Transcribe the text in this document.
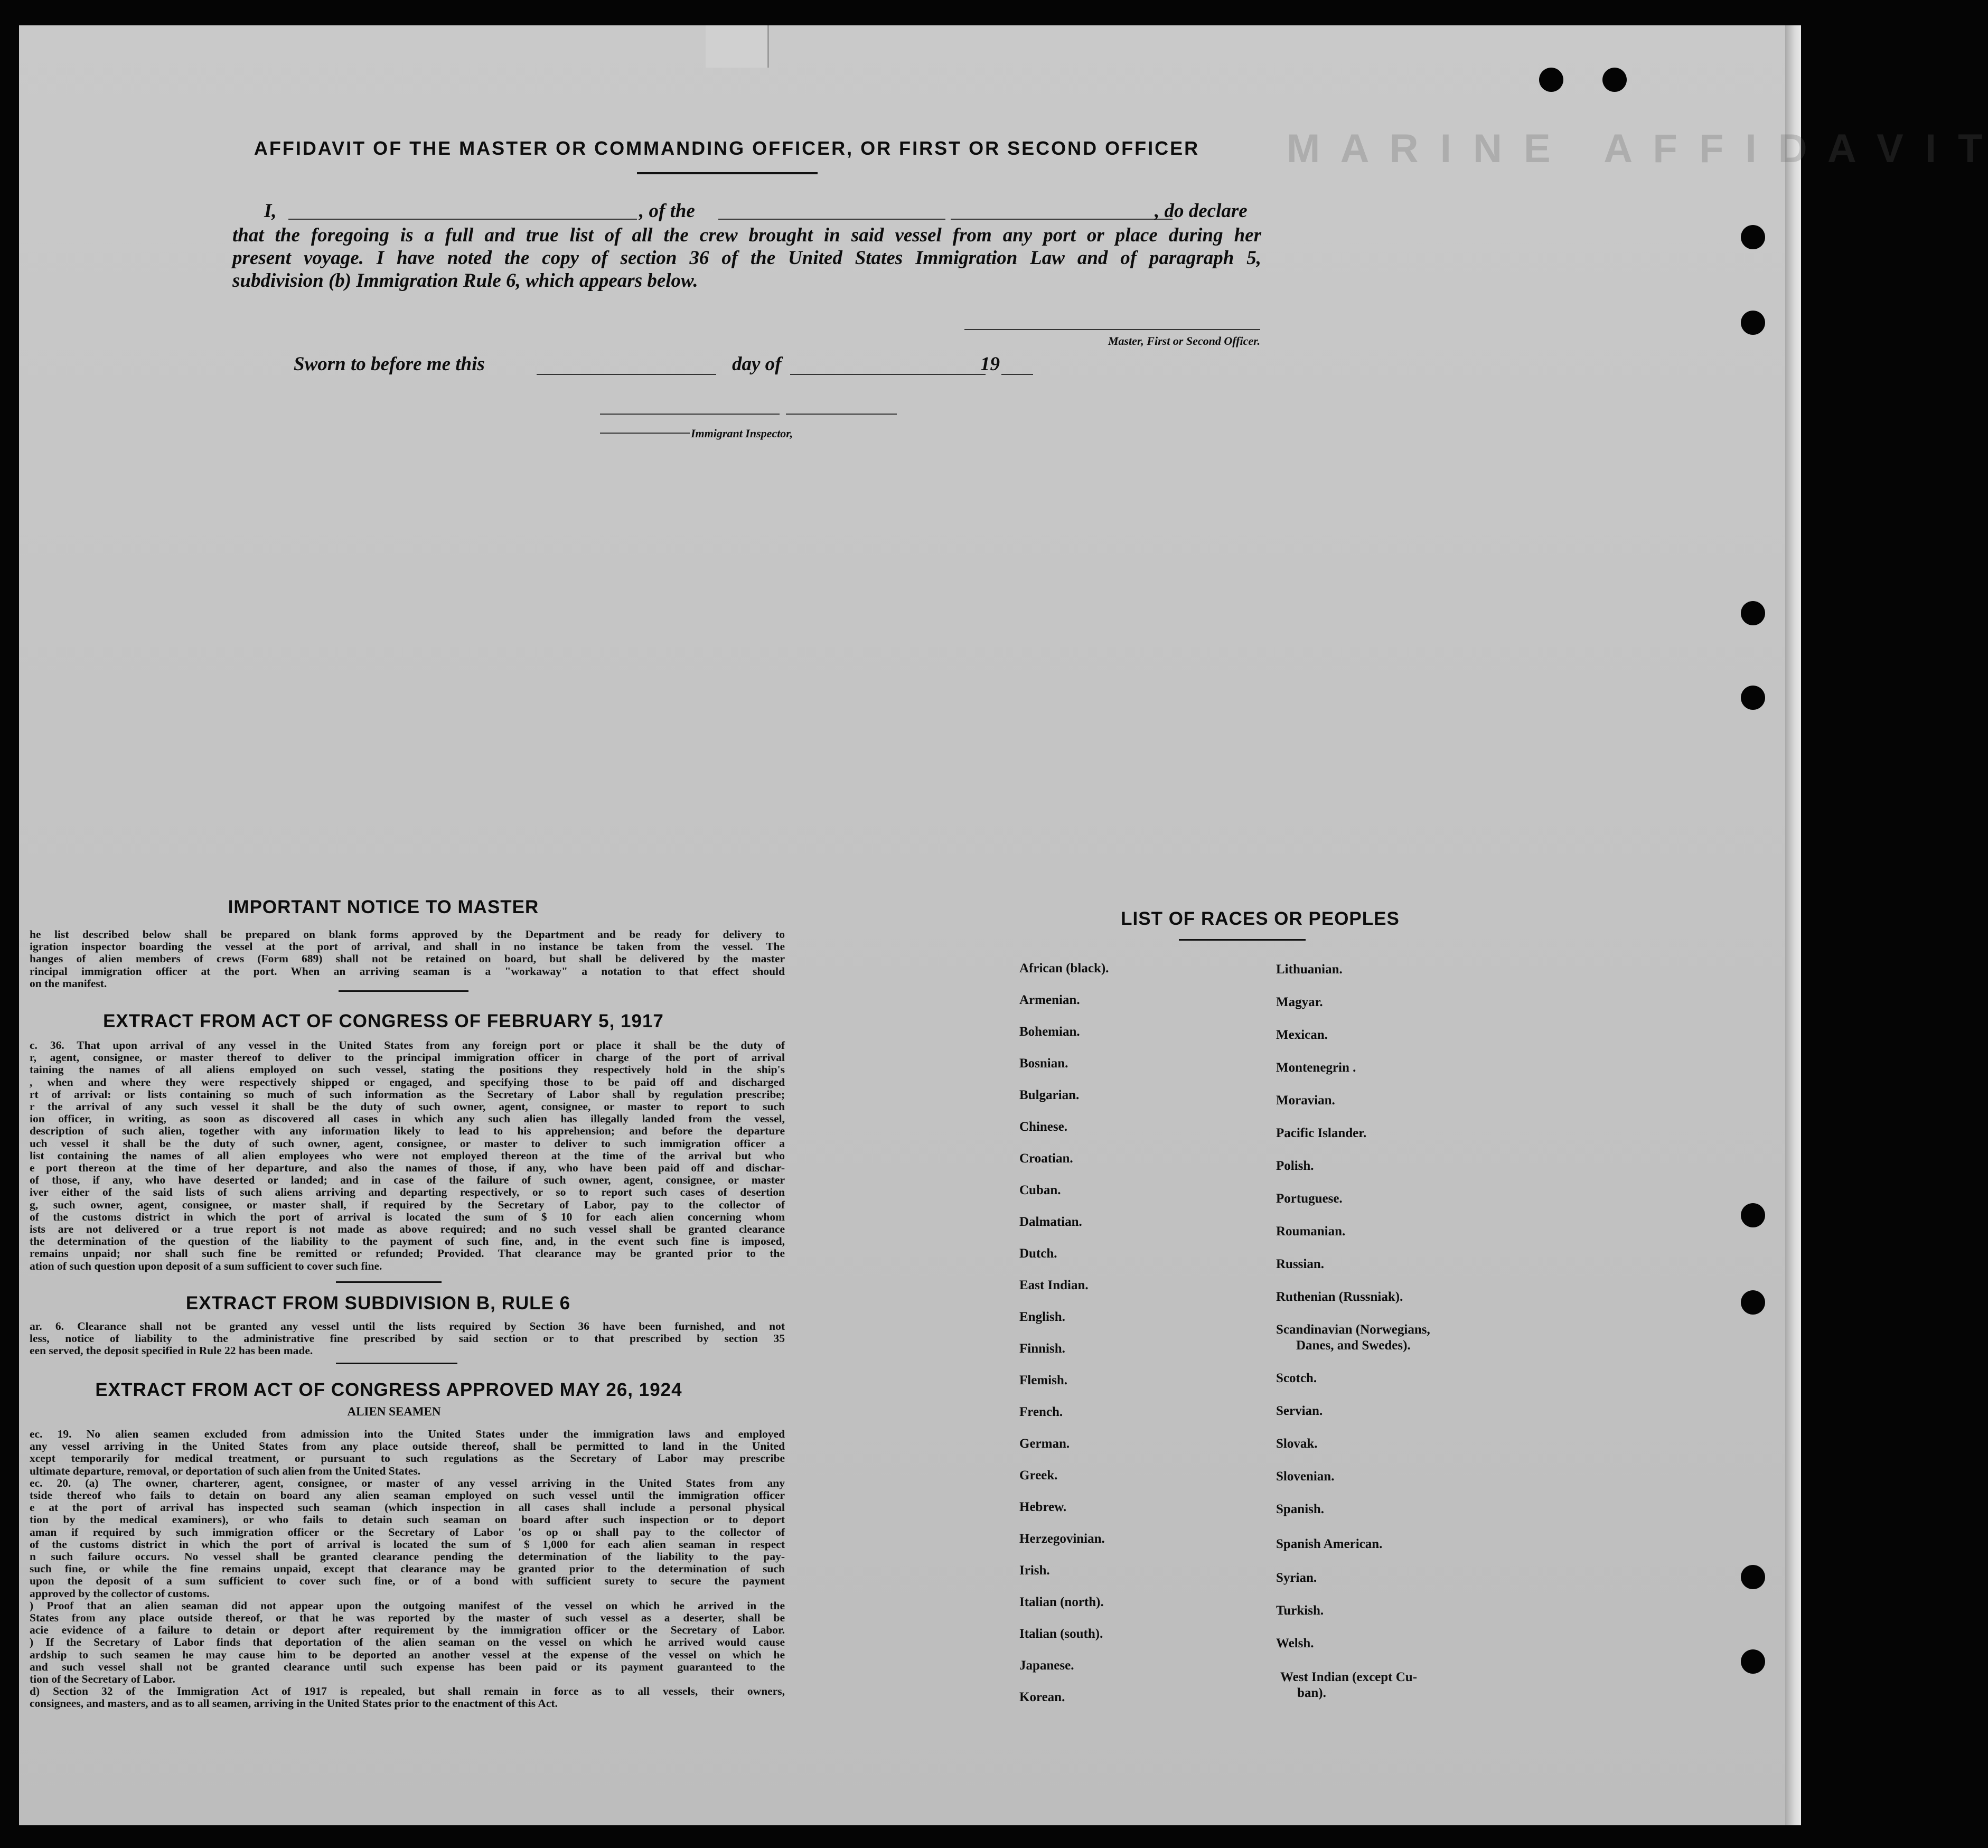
M A R I N E   A F F I D A V I T
AFFIDAVIT OF THE MASTER OR COMMANDING OFFICER, OR FIRST OR SECOND OFFICER
I,	, of the	, do declare
that the foregoing is a full and true list of all the crew brought in said vessel from any port or place during her
present voyage. I have noted the copy of section 36 of the United States Immigration Law and of paragraph 5,
subdivision (b) Immigration Rule 6, which appears below.
Master, First or Second Officer.
Sworn to before me this	day of	19
Immigrant Inspector,
IMPORTANT NOTICE TO MASTER

he list described below shall be prepared on blank forms approved by the Department and be ready for delivery to

igration inspector boarding the vessel at the port of arrival, and shall in no instance be taken from the vessel. The

hanges of alien members of crews (Form 689) shall not be retained on board, but shall be delivered by the master

rincipal immigration officer at the port. When an arriving seaman is a "workaway" a notation to that effect should

on the manifest.

EXTRACT FROM ACT OF CONGRESS OF FEBRUARY 5, 1917

c. 36. That upon arrival of any vessel in the United States from any foreign port or place it shall be the duty of

r, agent, consignee, or master thereof to deliver to the principal immigration officer in charge of the port of arrival

taining the names of all aliens employed on such vessel, stating the positions they respectively hold in the ship's

, when and where they were respectively shipped or engaged, and specifying those to be paid off and discharged

rt of arrival: or lists containing so much of such information as the Secretary of Labor shall by regulation prescribe;

r the arrival of any such vessel it shall be the duty of such owner, agent, consignee, or master to report to such

ion officer, in writing, as soon as discovered all cases in which any such alien has illegally landed from the vessel,

description of such alien, together with any information likely to lead to his apprehension; and before the departure

uch vessel it shall be the duty of such owner, agent, consignee, or master to deliver to such immigration officer a

list containing the names of all alien employees who were not employed thereon at the time of the arrival but who

e port thereon at the time of her departure, and also the names of those, if any, who have been paid off and dischar-

of those, if any, who have deserted or landed; and in case of the failure of such owner, agent, consignee, or master

iver either of the said lists of such aliens arriving and departing respectively, or so to report such cases of desertion

g, such owner, agent, consignee, or master shall, if required by the Secretary of Labor, pay to the collector of

of the customs district in which the port of arrival is located the sum of $ 10 for each alien concerning whom

ists are not delivered or a true report is not made as above required; and no such vessel shall be granted clearance

the determination of the question of the liability to the payment of such fine, and, in the event such fine is imposed,

remains unpaid; nor shall such fine be remitted or refunded; Provided. That clearance may be granted prior to the

ation of such question upon deposit of a sum sufficient to cover such fine.

EXTRACT FROM SUBDIVISION B, RULE 6

ar. 6. Clearance shall not be granted any vessel until the lists required by Section 36 have been furnished, and not

less, notice of liability to the administrative fine prescribed by said section or to that prescribed by section 35

een served, the deposit specified in Rule 22 has been made.

EXTRACT FROM ACT OF CONGRESS APPROVED MAY 26, 1924
ALIEN SEAMEN

ec. 19. No alien seamen excluded from admission into the United States under the immigration laws and employed

any vessel arriving in the United States from any place outside thereof, shall be permitted to land in the United

xcept temporarily for medical treatment, or pursuant to such regulations as the Secretary of Labor may prescribe

ultimate departure, removal, or deportation of such alien from the United States.

ec. 20. (a) The owner, charterer, agent, consignee, or master of any vessel arriving in the United States from any

tside thereof who fails to detain on board any alien seaman employed on such vessel until the immigration officer

e at the port of arrival has inspected such seaman (which inspection in all cases shall include a personal physical

tion by the medical examiners), or who fails to detain such seaman on board after such inspection or to deport

aman if required by such immigration officer or the Secretary of Labor 'os op oı shall pay to the collector of

of the customs district in which the port of arrival is located the sum of $ 1,000 for each alien seaman in respect

n such failure occurs. No vessel shall be granted clearance pending the determination of the liability to the pay-

such fine, or while the fine remains unpaid, except that clearance may be granted prior to the determination of such

upon the deposit of a sum sufficient to cover such fine, or of a bond with sufficient surety to secure the payment

approved by the collector of customs.

) Proof that an alien seaman did not appear upon the outgoing manifest of the vessel on which he arrived in the

States from any place outside thereof, or that he was reported by the master of such vessel as a deserter, shall be

acie evidence of a failure to detain or deport after requirement by the immigration officer or the Secretary of Labor.

) If the Secretary of Labor finds that deportation of the alien seaman on the vessel on which he arrived would cause

ardship to such seamen he may cause him to be deported an another vessel at the expense of the vessel on which he

and such vessel shall not be granted clearance until such expense has been paid or its payment guaranteed to the

tion of the Secretary of Labor.

d) Section 32 of the Immigration Act of 1917 is repealed, but shall remain in force as to all vessels, their owners,

consignees, and masters, and as to all seamen, arriving in the United States prior to the enactment of this Act.

LIST OF RACES OR PEOPLES
African (black).
Armenian.
Bohemian.
Bosnian.
Bulgarian.
Chinese.
Croatian.
Cuban.
Dalmatian.
Dutch.
East Indian.
English.
Finnish.
Flemish.
French.
German.
Greek.
Hebrew.
Herzegovinian.
Irish.
Italian (north).
Italian (south).
Japanese.
Korean.
Lithuanian.
Magyar.
Mexican.
Montenegrin .
Moravian.
Pacific Islander.
Polish.
Portuguese.
Roumanian.
Russian.
Ruthenian (Russniak).
Scandinavian (Norwegians,
Danes, and Swedes).
Scotch.
Servian.
Slovak.
Slovenian.
Spanish.
Spanish American.
Syrian.
Turkish.
Welsh.
West Indian (except Cu-
ban).
